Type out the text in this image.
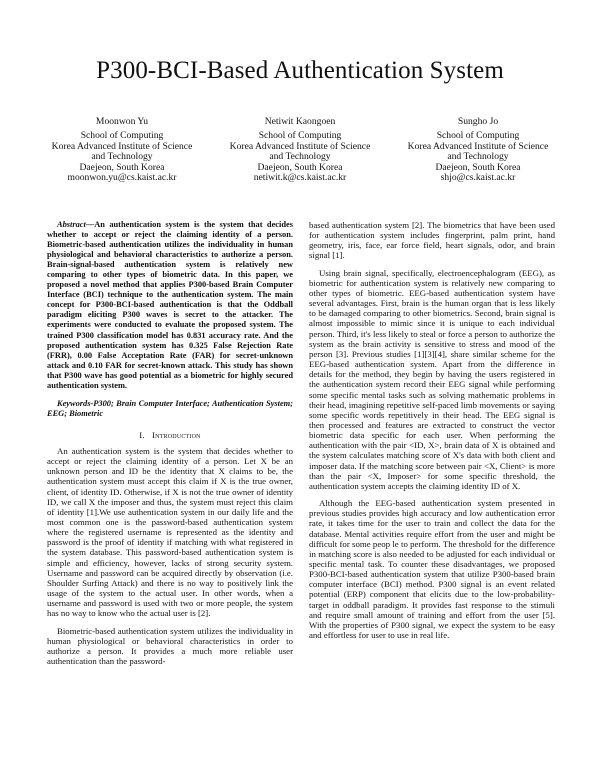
P300-BCI-Based Authentication System
Moonwon Yu
School of Computing
Korea Advanced Institute of Science
and Technology
Daejeon, South Korea
moonwon.yu@cs.kaist.ac.kr
Netiwit Kaongoen
School of Computing
Korea Advanced Institute of Science
and Technology
Daejeon, South Korea
netiwit.k@cs.kaist.ac.kr
Sungho Jo
School of Computing
Korea Advanced Institute of Science
and Technology
Daejeon, South Korea
shjo@cs.kaist.ac.kr

Abstract—An authentication system is the system that decides whether to accept or reject the claiming identity of a person. Biometric-based authentication utilizes the individuality in human physiological and behavioral characteristics to authorize a person. Brain-signal-based authentication system is relatively new comparing to other types of biometric data. In this paper, we proposed a novel method that applies P300-based Brain Computer Interface (BCI) technique to the authentication system. The main concept for P300-BCI-based authentication is that the Oddball paradigm eliciting P300 waves is secret to the attacker. The experiments were conducted to evaluate the proposed system. The trained P300 classification model has 0.831 accuracy rate. And the proposed authentication system has 0.325 False Rejection Rate (FRR), 0.00 False Acceptation Rate (FAR) for secret-unknown attack and 0.10 FAR for secret-known attack. This study has shown that P300 wave has good potential as a biometric for highly secured authentication system.

Keywords-P300; Brain Computer Interface; Authentication System; EEG; Biometric

I. Introduction

An authentication system is the system that decides whether to accept or reject the claiming identity of a person. Let X be an unknown person and ID be the identity that X claims to be, the authentication system must accept this claim if X is the true owner, client, of identity ID. Otherwise, if X is not the true owner of identity ID, we call X the imposer and thus, the system must reject this claim of identity [1].We use authentication system in our daily life and the most common one is the password-based authentication system where the registered username is represented as the identity and password is the proof of identity if matching with what registered in the system database. This password-based authentication system is simple and efficiency, however, lacks of strong security system. Username and password can be acquired directly by observation (i.e. Shoulder Surfing Attack) and there is no way to positively link the usage of the system to the actual user. In other words, when a username and password is used with two or more people, the system has no way to know who the actual user is [2].

Biometric-based authentication system utilizes the individuality in human physiological or behavioral characteristics in order to authorize a person. It provides a much more reliable user authentication than the password-

based authentication system [2]. The biometrics that have been used for authentication system includes fingerprint, palm print, hand geometry, iris, face, ear force field, heart signals, odor, and brain signal [1].

Using brain signal, specifically, electroencephalogram (EEG), as biometric for authentication system is relatively new comparing to other types of biometric. EEG-based authentication system have several advantages. First, brain is the human organ that is less likely to be damaged comparing to other biometrics. Second, brain signal is almost impossible to mimic since it is unique to each individual person. Third, it's less likely to steal or force a person to authorize the system as the brain activity is sensitive to stress and mood of the person [3]. Previous studies [1][3][4], share similar scheme for the EEG-based authentication system. Apart from the difference in details for the method, they begin by having the users registered in the authentication system record their EEG signal while performing some specific mental tasks such as solving mathematic problems in their head, imagining repetitive self-paced limb movements or saying some specific words repetitively in their head. The EEG signal is then processed and features are extracted to construct the vector biometric data specific for each user. When performing the authentication with the pair <ID, X>, brain data of X is obtained and the system calculates matching score of X's data with both client and imposer data. If the matching score between pair <X, Client> is more than the pair <X, Imposer> for some specific threshold, the authentication system accepts the claiming identity ID of X.

Although the EEG-based authentication system presented in previous studies provides high accuracy and low authentication error rate, it takes time for the user to train and collect the data for the database. Mental activities require effort from the user and might be difficult for some peop le to perform. The threshold for the difference in matching score is also needed to be adjusted for each individual or specific mental task. To counter these disadvantages, we proposed P300-BCI-based authentication system that utilize P300-based brain computer interface (BCI) method. P300 signal is an event related potential (ERP) component that elicits due to the low-probability-target in oddball paradigm. It provides fast response to the stimuli and require small amount of training and effort from the user [5]. With the properties of P300 signal, we expect the system to be easy and effortless for user to use in real life.
